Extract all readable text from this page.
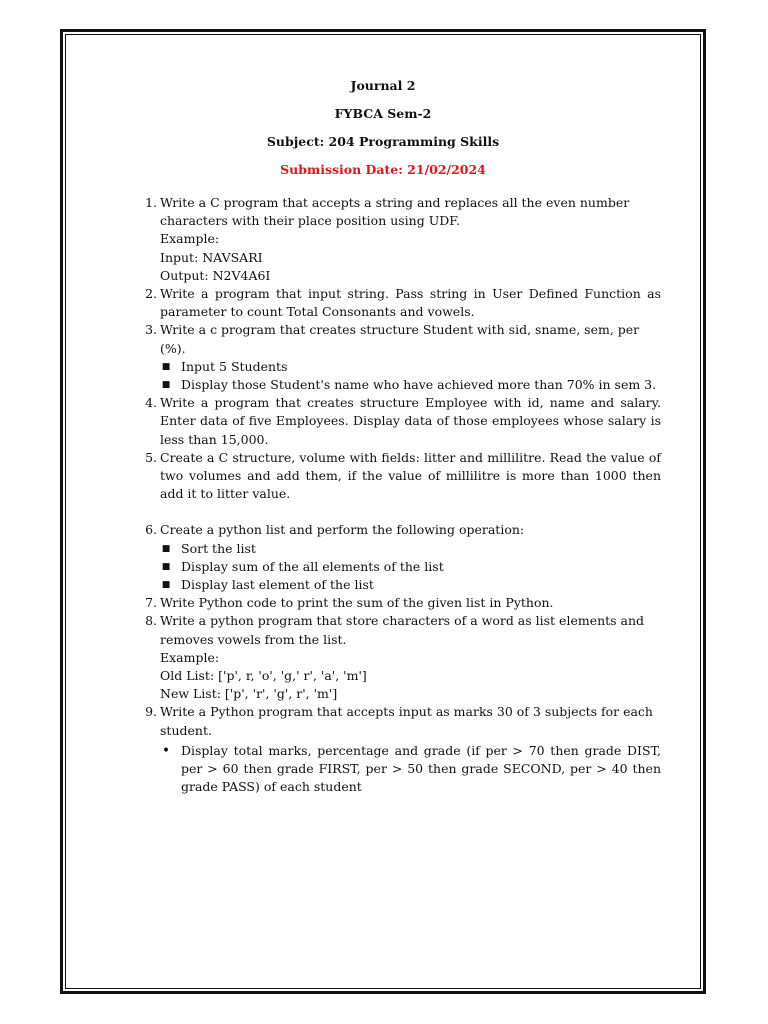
Journal 2
FYBCA Sem-2
Subject: 204 Programming Skills
Submission Date: 21/02/2024
1. Write a C program that accepts a string and replaces all the even number characters with their place position using UDF.
Example:
Input: NAVSARI
Output: N2V4A6I
2. Write a program that input string. Pass string in User Defined Function as parameter to count Total Consonants and vowels.
3. Write a c program that creates structure Student with sid, sname, sem, per (%).
■ Input 5 Students
■ Display those Student's name who have achieved more than 70% in sem 3.
4. Write a program that creates structure Employee with id, name and salary. Enter data of five Employees. Display data of those employees whose salary is less than 15,000.
5. Create a C structure, volume with fields: litter and millilitre. Read the value of two volumes and add them, if the value of millilitre is more than 1000 then add it to litter value.
6. Create a python list and perform the following operation:
■ Sort the list
■ Display sum of the all elements of the list
■ Display last element of the list
7. Write Python code to print the sum of the given list in Python.
8. Write a python program that store characters of a word as list elements and removes vowels from the list.
Example:
Old List: ['p', r, 'o', 'g,' r', 'a', 'm']
New List: ['p', 'r', 'g', r', 'm']
9. Write a Python program that accepts input as marks 30 of 3 subjects for each student.
• Display total marks, percentage and grade (if per > 70 then grade DIST, per > 60 then grade FIRST, per > 50 then grade SECOND, per > 40 then grade PASS) of each student
